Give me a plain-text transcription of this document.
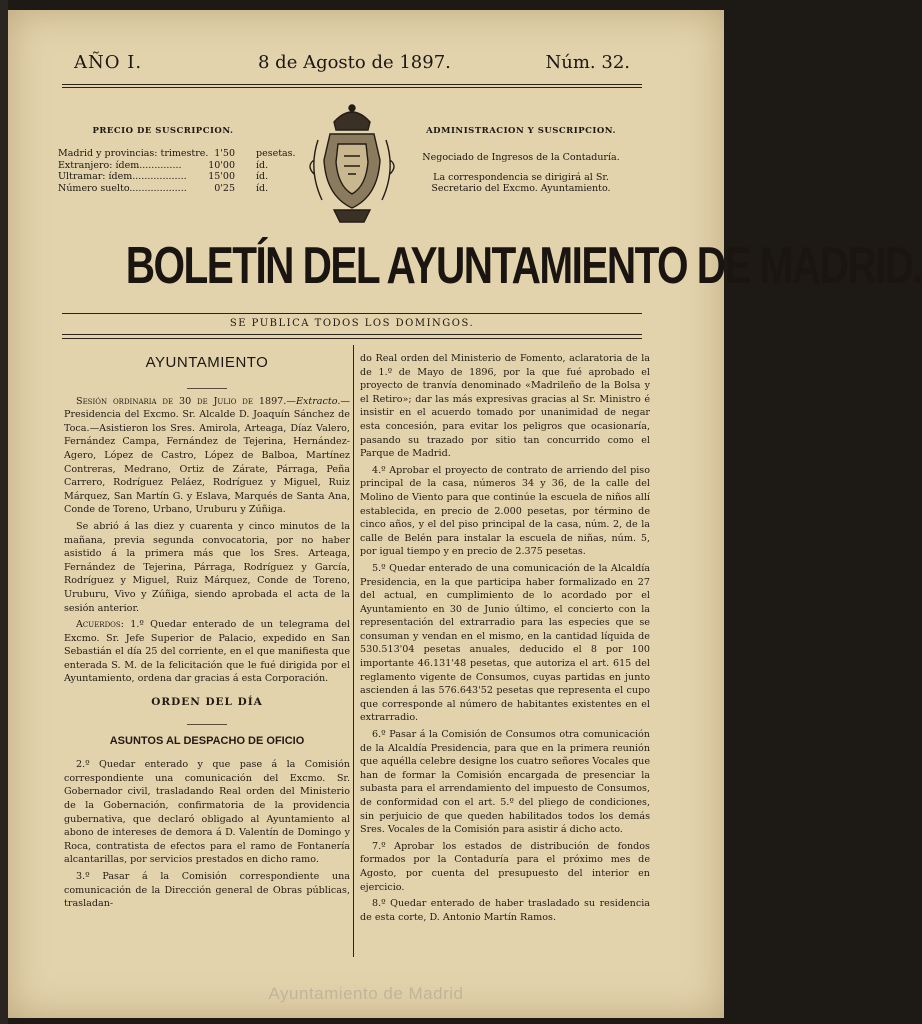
AÑO I.	8 de Agosto de 1897.	Núm. 32.
PRECIO DE SUSCRIPCION.
Madrid y provincias: trimestre. 1'50	pesetas.
Extranjero: ídem..............	10'00	íd.
Ultramar: ídem..................	15'00	íd.
Número suelto...................	0'25	íd.
ADMINISTRACION Y SUSCRIPCION.

Negociado de Ingresos de la Contaduría.

La correspondencia se dirigirá al Sr. Secretario del Excmo. Ayuntamiento.

BOLETÍN DEL AYUNTAMIENTO DE MADRID.
SE PUBLICA TODOS LOS DOMINGOS.
AYUNTAMIENTO

Sesión ordinaria de 30 de Julio de 1897.—Extracto.—Presidencia del Excmo. Sr. Alcalde D. Joaquín Sánchez de Toca.—Asistieron los Sres. Amirola, Arteaga, Díaz Valero, Fernández Campa, Fernández de Tejerina, Hernández-Agero, López de Castro, López de Balboa, Martínez Contreras, Medrano, Ortiz de Zárate, Párraga, Peña Carrero, Rodríguez Peláez, Rodríguez y Miguel, Ruiz Márquez, San Martín G. y Eslava, Marqués de Santa Ana, Conde de Toreno, Urbano, Uruburu y Zúñiga.

Se abrió á las diez y cuarenta y cinco minutos de la mañana, previa segunda convocatoria, por no haber asistido á la primera más que los Sres. Arteaga, Fernández de Tejerina, Párraga, Rodríguez y García, Rodríguez y Miguel, Ruiz Márquez, Conde de Toreno, Uruburu, Vivo y Zúñiga, siendo aprobada el acta de la sesión anterior.

Acuerdos: 1.º Quedar enterado de un telegrama del Excmo. Sr. Jefe Superior de Palacio, expedido en San Sebastián el día 25 del corriente, en el que manifiesta que enterada S. M. de la felicitación que le fué dirigida por el Ayuntamiento, ordena dar gracias á esta Corporación.

ORDEN DEL DÍA
ASUNTOS AL DESPACHO DE OFICIO

2.º Quedar enterado y que pase á la Comisión correspondiente una comunicación del Excmo. Sr. Gobernador civil, trasladando Real orden del Ministerio de la Gobernación, confirmatoria de la providencia gubernativa, que declaró obligado al Ayuntamiento al abono de intereses de demora á D. Valentín de Domingo y Roca, contratista de efectos para el ramo de Fontanería alcantarillas, por servicios prestados en dicho ramo.

3.º Pasar á la Comisión correspondiente una comunicación de la Dirección general de Obras públicas, trasladan-

do Real orden del Ministerio de Fomento, aclaratoria de la de 1.º de Mayo de 1896, por la que fué aprobado el proyecto de tranvía denominado «Madrileño de la Bolsa y el Retiro»; dar las más expresivas gracias al Sr. Ministro é insistir en el acuerdo tomado por unanimidad de negar esta concesión, para evitar los peligros que ocasionaría, pasando su trazado por sitio tan concurrido como el Parque de Madrid.

4.º Aprobar el proyecto de contrato de arriendo del piso principal de la casa, números 34 y 36, de la calle del Molino de Viento para que continúe la escuela de niños allí establecida, en precio de 2.000 pesetas, por término de cinco años, y el del piso principal de la casa, núm. 2, de la calle de Belén para instalar la escuela de niñas, núm. 5, por igual tiempo y en precio de 2.375 pesetas.

5.º Quedar enterado de una comunicación de la Alcaldía Presidencia, en la que participa haber formalizado en 27 del actual, en cumplimiento de lo acordado por el Ayuntamiento en 30 de Junio último, el concierto con la representación del extrarradio para las especies que se consuman y vendan en el mismo, en la cantidad líquida de 530.513'04 pesetas anuales, deducido el 8 por 100 importante 46.131'48 pesetas, que autoriza el art. 615 del reglamento vigente de Consumos, cuyas partidas en junto ascienden á las 576.643'52 pesetas que representa el cupo que corresponde al número de habitantes existentes en el extrarradio.

6.º Pasar á la Comisión de Consumos otra comunicación de la Alcaldía Presidencia, para que en la primera reunión que aquélla celebre designe los cuatro señores Vocales que han de formar la Comisión encargada de presenciar la subasta para el arrendamiento del impuesto de Consumos, de conformidad con el art. 5.º del pliego de condiciones, sin perjuicio de que queden habilitados todos los demás Sres. Vocales de la Comisión para asistir á dicho acto.

7.º Aprobar los estados de distribución de fondos formados por la Contaduría para el próximo mes de Agosto, por cuenta del presupuesto del interior en ejercicio.

8.º Quedar enterado de haber trasladado su residencia de esta corte, D. Antonio Martín Ramos.

Ayuntamiento de Madrid
